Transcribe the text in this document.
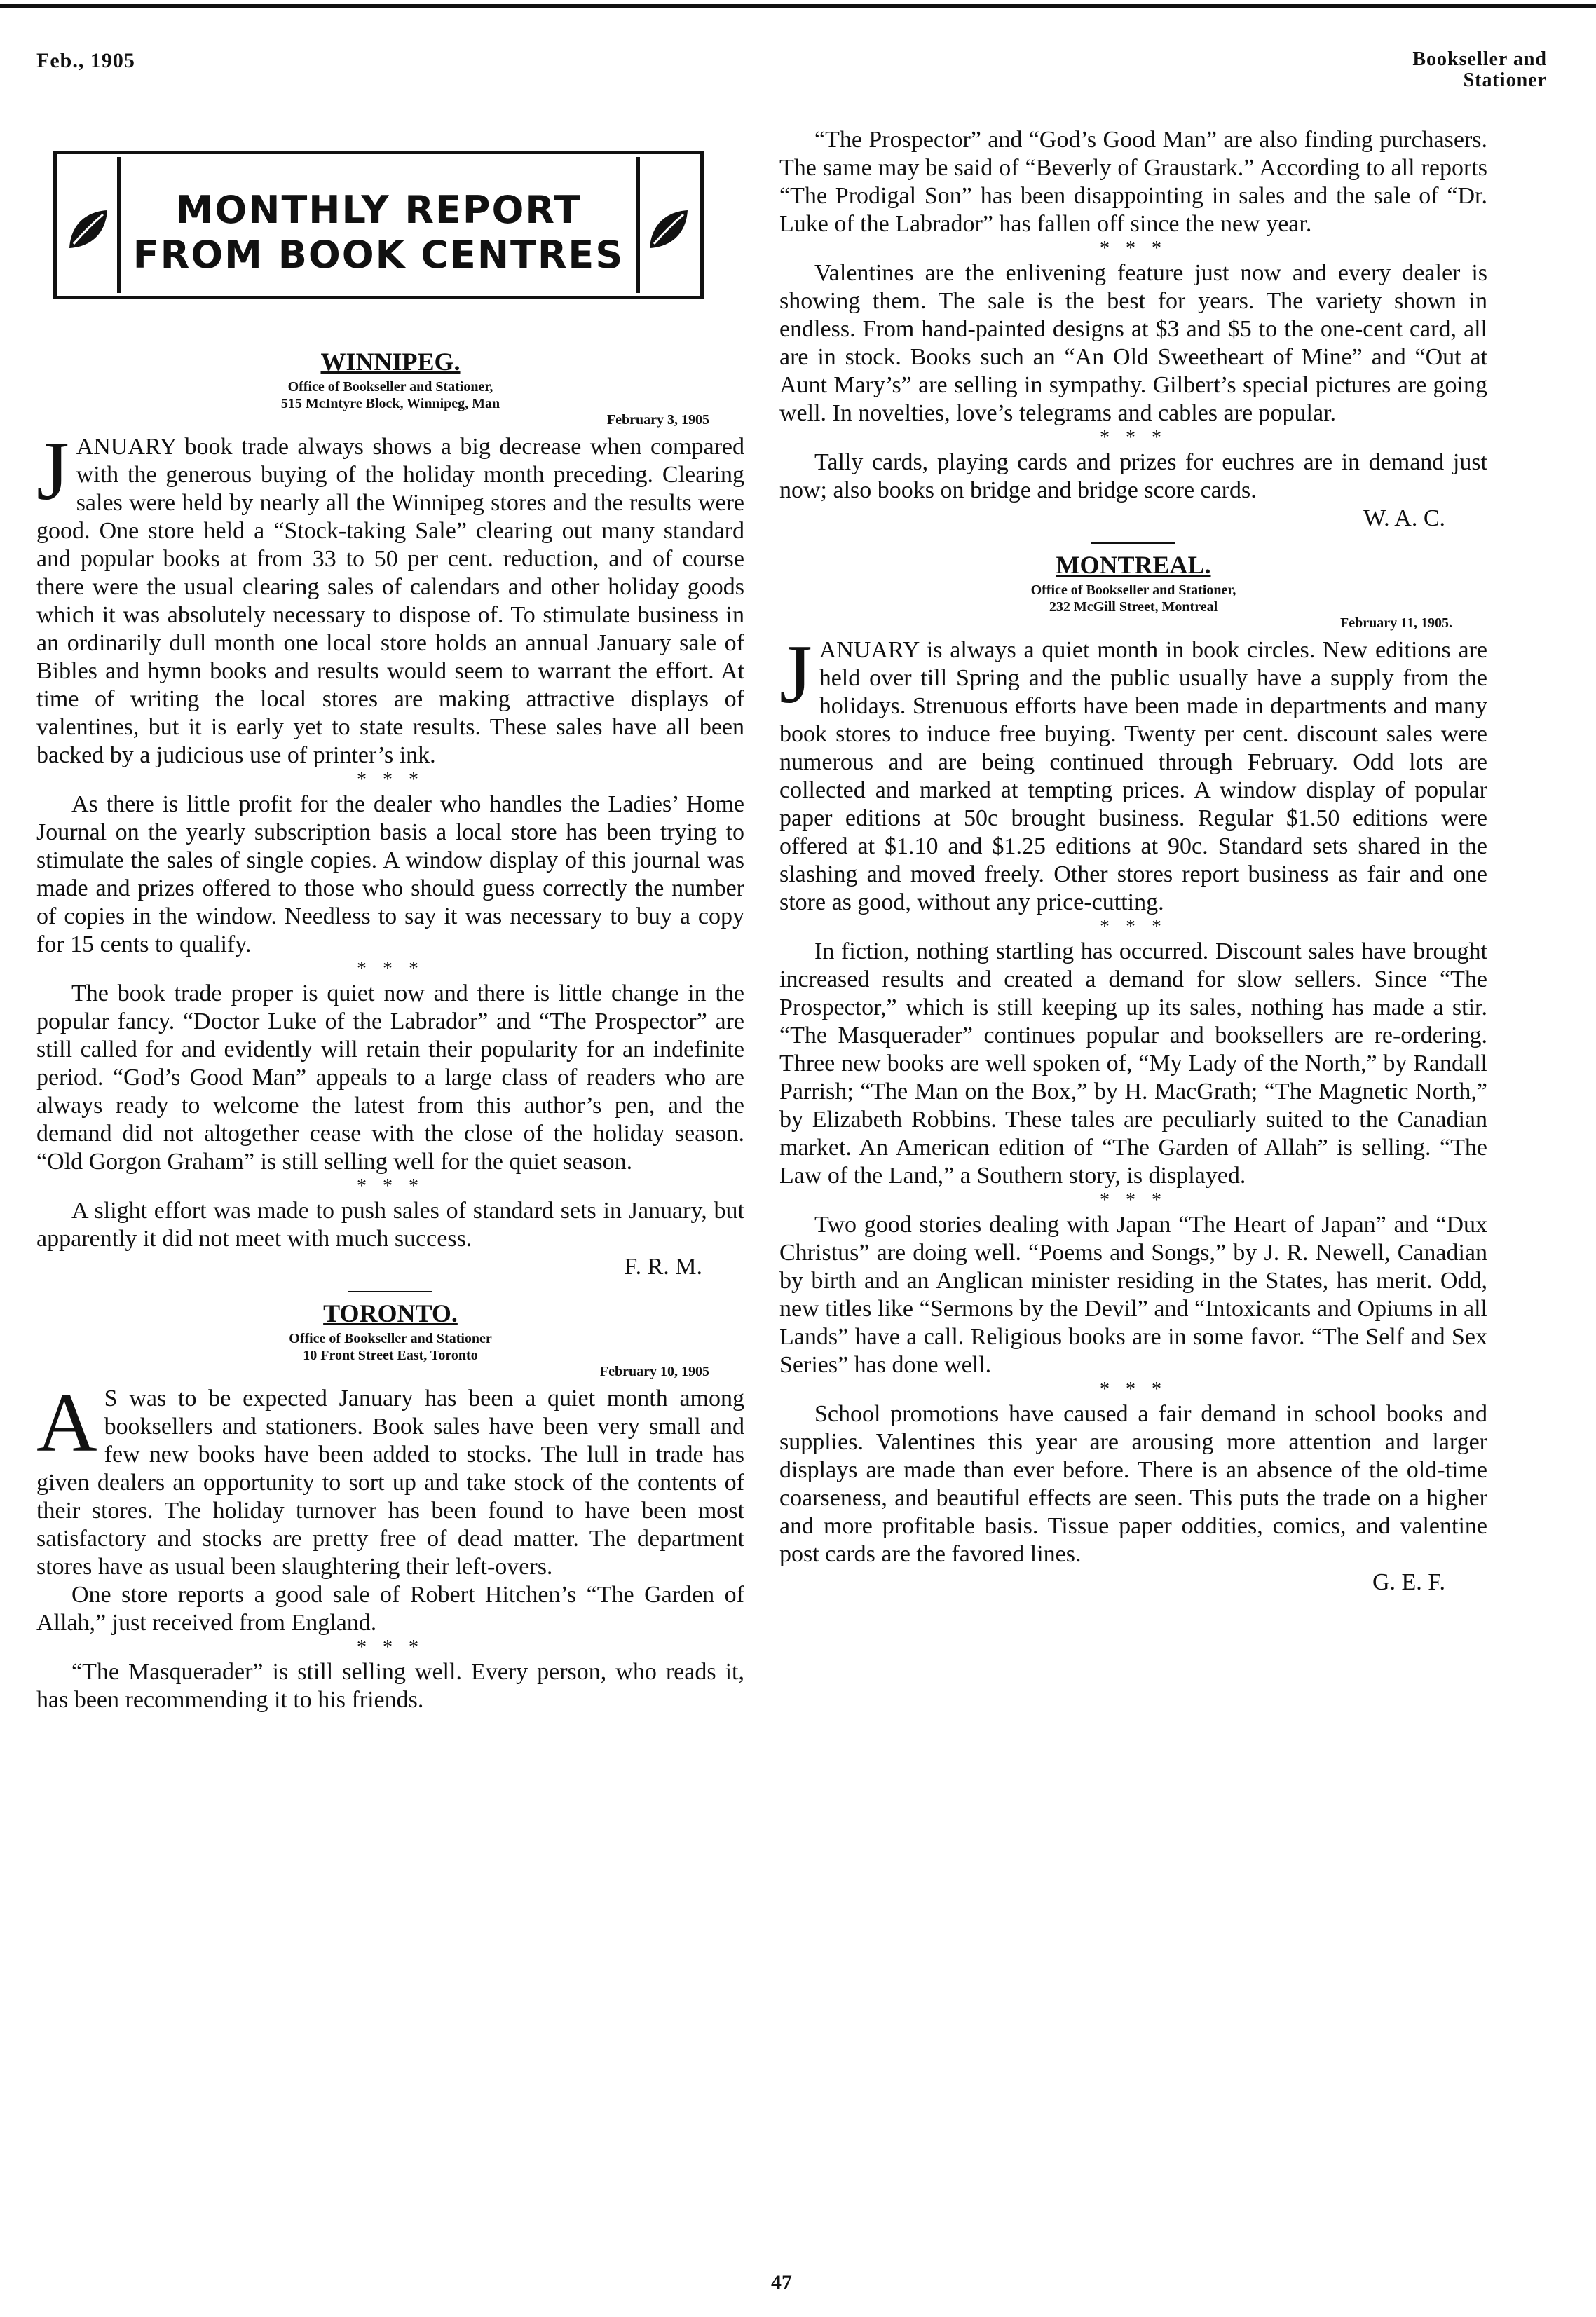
Feb., 1905	Bookseller and
Stationer
MONTHLY REPORT
FROM BOOK CENTRES
WINNIPEG.
Office of Bookseller and Stationer,
515 McIntyre Block, Winnipeg, Man
February 3, 1905

JANUARY book trade always shows a big decrease when compared with the generous buying of the holiday month preceding. Clearing sales were held by nearly all the Winnipeg stores and the results were good. One store held a “Stock-taking Sale” clearing out many standard and popular books at from 33 to 50 per cent. reduction, and of course there were the usual clearing sales of calendars and other holiday goods which it was absolutely necessary to dispose of. To stimulate business in an ordinarily dull month one local store holds an annual January sale of Bibles and hymn books and results would seem to warrant the effort. At time of writing the local stores are making attractive displays of valentines, but it is early yet to state results. These sales have all been backed by a judicious use of printer’s ink.

* * *

As there is little profit for the dealer who handles the Ladies’ Home Journal on the yearly subscription basis a local store has been trying to stimulate the sales of single copies. A window display of this journal was made and prizes offered to those who should guess correctly the number of copies in the window. Needless to say it was necessary to buy a copy for 15 cents to qualify.

* * *

The book trade proper is quiet now and there is little change in the popular fancy. “Doctor Luke of the Labrador” and “The Prospector” are still called for and evidently will retain their popularity for an indefinite period. “God’s Good Man” appeals to a large class of readers who are always ready to welcome the latest from this author’s pen, and the demand did not altogether cease with the close of the holiday season. “Old Gorgon Graham” is still selling well for the quiet season.

* * *

A slight effort was made to push sales of standard sets in January, but apparently it did not meet with much success.

F. R. M.
TORONTO.
Office of Bookseller and Stationer
10 Front Street East, Toronto
February 10, 1905

AS was to be expected January has been a quiet month among booksellers and stationers. Book sales have been very small and few new books have been added to stocks. The lull in trade has given dealers an opportunity to sort up and take stock of the contents of their stores. The holiday turnover has been found to have been most satisfactory and stocks are pretty free of dead matter. The department stores have as usual been slaughtering their left-overs.

One store reports a good sale of Robert Hitchen’s “The Garden of Allah,” just received from England.

* * *

“The Masquerader” is still selling well. Every person, who reads it, has been recommending it to his friends.

“The Prospector” and “God’s Good Man” are also finding purchasers. The same may be said of “Beverly of Graustark.” According to all reports “The Prodigal Son” has been disappointing in sales and the sale of “Dr. Luke of the Labrador” has fallen off since the new year.

* * *

Valentines are the enlivening feature just now and every dealer is showing them. The sale is the best for years. The variety shown in endless. From hand-painted designs at $3 and $5 to the one-cent card, all are in stock. Books such an “An Old Sweetheart of Mine” and “Out at Aunt Mary’s” are selling in sympathy. Gilbert’s special pictures are going well. In novelties, love’s telegrams and cables are popular.

* * *

Tally cards, playing cards and prizes for euchres are in demand just now; also books on bridge and bridge score cards.

W. A. C.
MONTREAL.
Office of Bookseller and Stationer,
232 McGill Street, Montreal
February 11, 1905.

JANUARY is always a quiet month in book circles. New editions are held over till Spring and the public usually have a supply from the holidays. Strenuous efforts have been made in departments and many book stores to induce free buying. Twenty per cent. discount sales were numerous and are being continued through February. Odd lots are collected and marked at tempting prices. A window display of popular paper editions at 50c brought business. Regular $1.50 editions were offered at $1.10 and $1.25 editions at 90c. Standard sets shared in the slashing and moved freely. Other stores report business as fair and one store as good, without any price-cutting.

* * *

In fiction, nothing startling has occurred. Discount sales have brought increased results and created a demand for slow sellers. Since “The Prospector,” which is still keeping up its sales, nothing has made a stir. “The Masquerader” continues popular and booksellers are re-ordering. Three new books are well spoken of, “My Lady of the North,” by Randall Parrish; “The Man on the Box,” by H. MacGrath; “The Magnetic North,” by Elizabeth Robbins. These tales are peculiarly suited to the Canadian market. An American edition of “The Garden of Allah” is selling. “The Law of the Land,” a Southern story, is displayed.

* * *

Two good stories dealing with Japan “The Heart of Japan” and “Dux Christus” are doing well. “Poems and Songs,” by J. R. Newell, Canadian by birth and an Anglican minister residing in the States, has merit. Odd, new titles like “Sermons by the Devil” and “Intoxicants and Opiums in all Lands” have a call. Religious books are in some favor. “The Self and Sex Series” has done well.

* * *

School promotions have caused a fair demand in school books and supplies. Valentines this year are arousing more attention and larger displays are made than ever before. There is an absence of the old-time coarseness, and beautiful effects are seen. This puts the trade on a higher and more profitable basis. Tissue paper oddities, comics, and valentine post cards are the favored lines.

G. E. F.
47
